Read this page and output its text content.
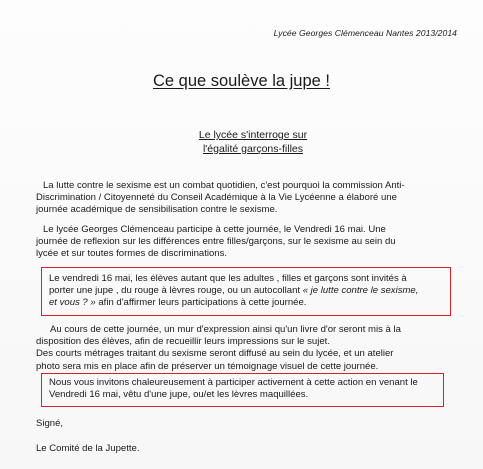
Lycée Georges Clémenceau Nantes 2013/2014
Ce que soulève la jupe !
Le lycée s'interroge sur
l'égalité garçons-filles
La lutte contre le sexisme est un combat quotidien, c'est pourquoi la commission Anti-
Discrimination / Citoyenneté du Conseil Académique à la Vie Lycéenne a élaboré une
journée académique de sensibilisation contre le sexisme.
Le lycée Georges Clémenceau participe à cette journée, le Vendredi 16 mai. Une
journée de reflexion sur les différences entre filles/garçons, sur le sexisme au sein du
lycée et sur toutes formes de discriminations.
Le vendredi 16 mai, les élèves autant que les adultes , filles et garçons sont invités à
porter une jupe , du rouge à lèvres rouge, ou un autocollant « je lutte contre le sexisme,
et vous ? » afin d'affirmer leurs participations à cette journée.
Au cours de cette journée, un mur d'expression ainsi qu'un livre d'or seront mis à la
disposition des élèves, afin de recueillir leurs impressions sur le sujet.
Des courts métrages traitant du sexisme seront diffusé au sein du lycée, et un atelier
photo sera mis en place afin de préserver un témoignage visuel de cette journée.
Nous vous invitons chaleureusement à participer activement à cette action en venant le
Vendredi 16 mai, vêtu d'une jupe, ou/et les lèvres maquillées.
Signé,
Le Comité de la Jupette.
